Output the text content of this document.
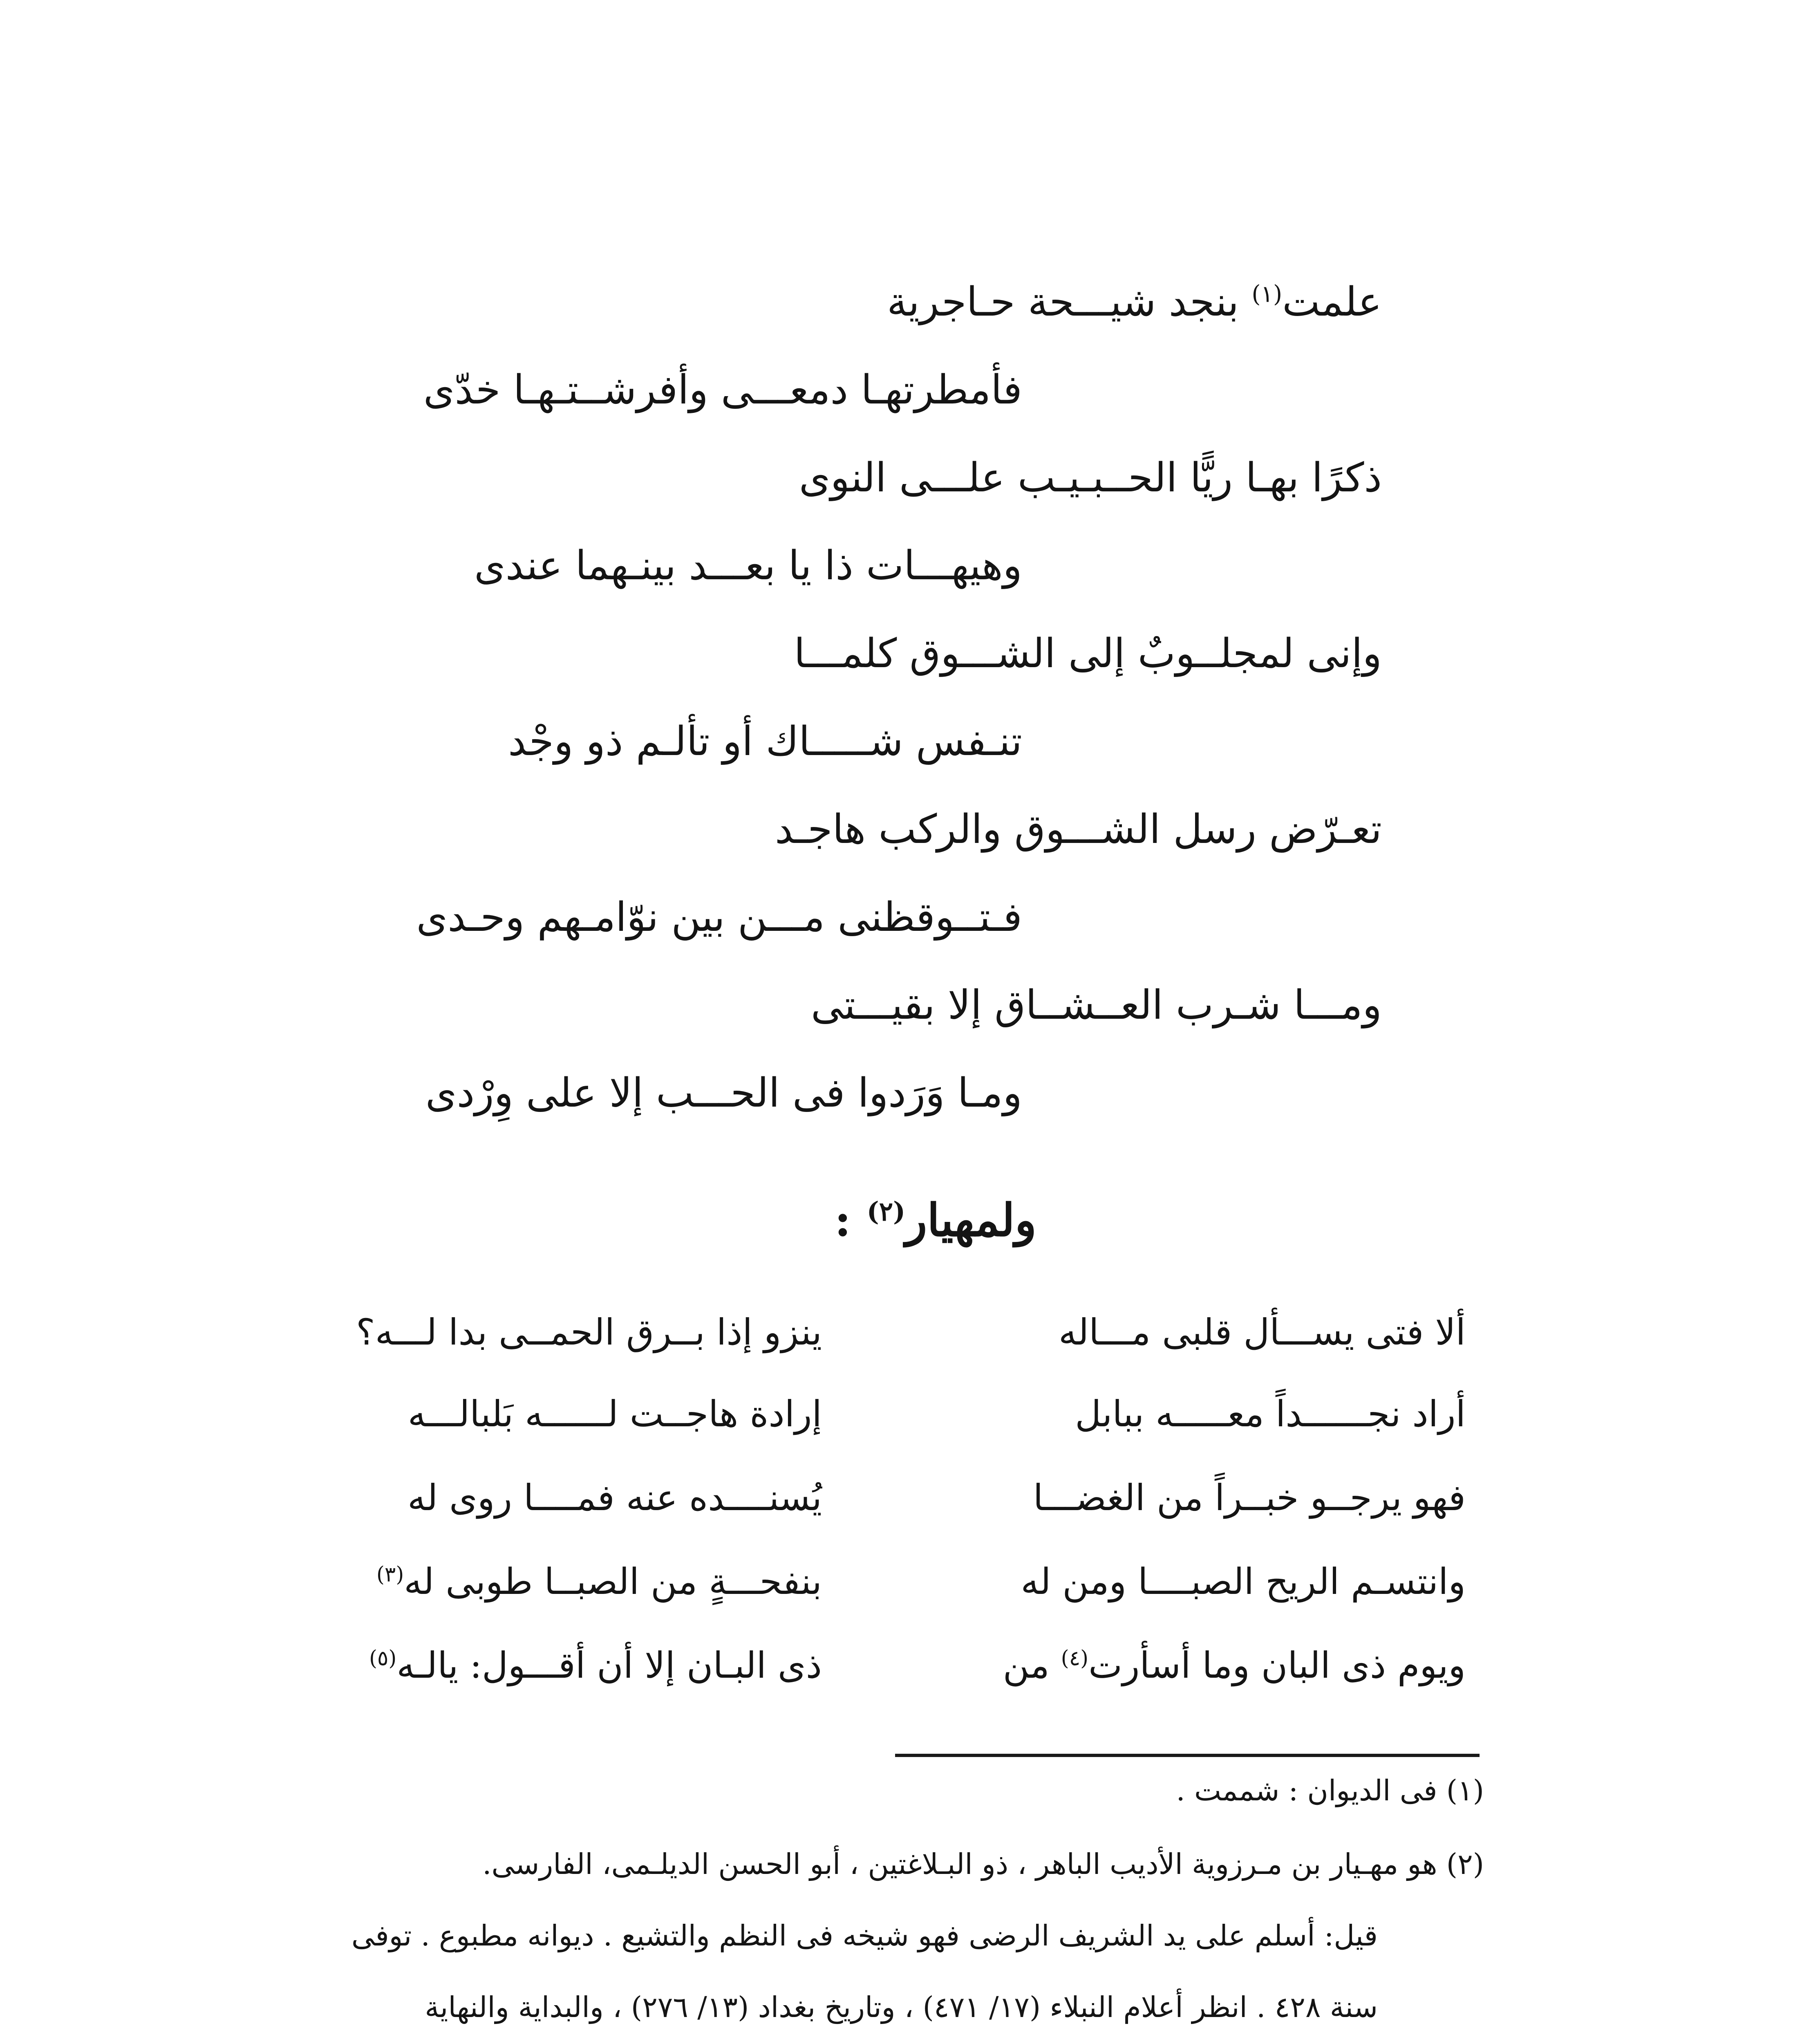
علمت$^{(١)}$ بنجد شيـــحة حـاجرية
فأمطرتهـا دمعـــى وأفرشــتـهـا خدّى
ذكرًا بهـا ريًّا الحــبـيـب علـــى النوى
وهيهـــات ذا يا بعـــد بينـهما عندى
وإنى لمجلــوبٌ إلى الشـــوق كلمـــا
تنـفس شـــــاك أو تألـم ذو وجْد
تعـرّض رسل الشـــوق والركب هاجـد
فـتــوقظنى مـــن بين نوّامـهم وحـدى
ومـــا شـرب العــشــاق إلا بقيـــتى
ومـا وَرَدوا فى الحـــب إلا على وِرْدى
ولمهيار$^{(٢)}$ :
ألا فتى يســـأل قلبى مـــاله
ينزو إذا بــرق الحمــى بدا لـــه؟
أراد نجــــــداً معـــــه ببابل
إرادة هاجــت لــــــه بَلبالـــه
فهو يرجــو خبــراً من الغضـــا
يُسنــــده عنه فمــــا روى له
وانتسـم الريح الصبــــا ومن له
بنفحـــةٍ من الصبــا طوبى له$^{(٣)}$
ويوم ذى البان وما أسأرت$^{(٤)}$ من
ذى البـان إلا أن أقـــول: يالـه$^{(٥)}$
(١) فى الديوان : شممت .
(٢) هو مهـيار بن مـرزوية الأديب الباهر ، ذو البـلاغتين ، أبو الحسن الديلـمى، الفارسى.
قيل: أسلم على يد الشريف الرضى فهو شيخه فى النظم والتشيع . ديوانه مطبوع . توفى
سنة ٤٢٨ . انظر أعلام النبلاء (١٧/ ٤٧١) ، وتاريخ بغداد (١٣/ ٢٧٦) ، والبداية والنهاية
